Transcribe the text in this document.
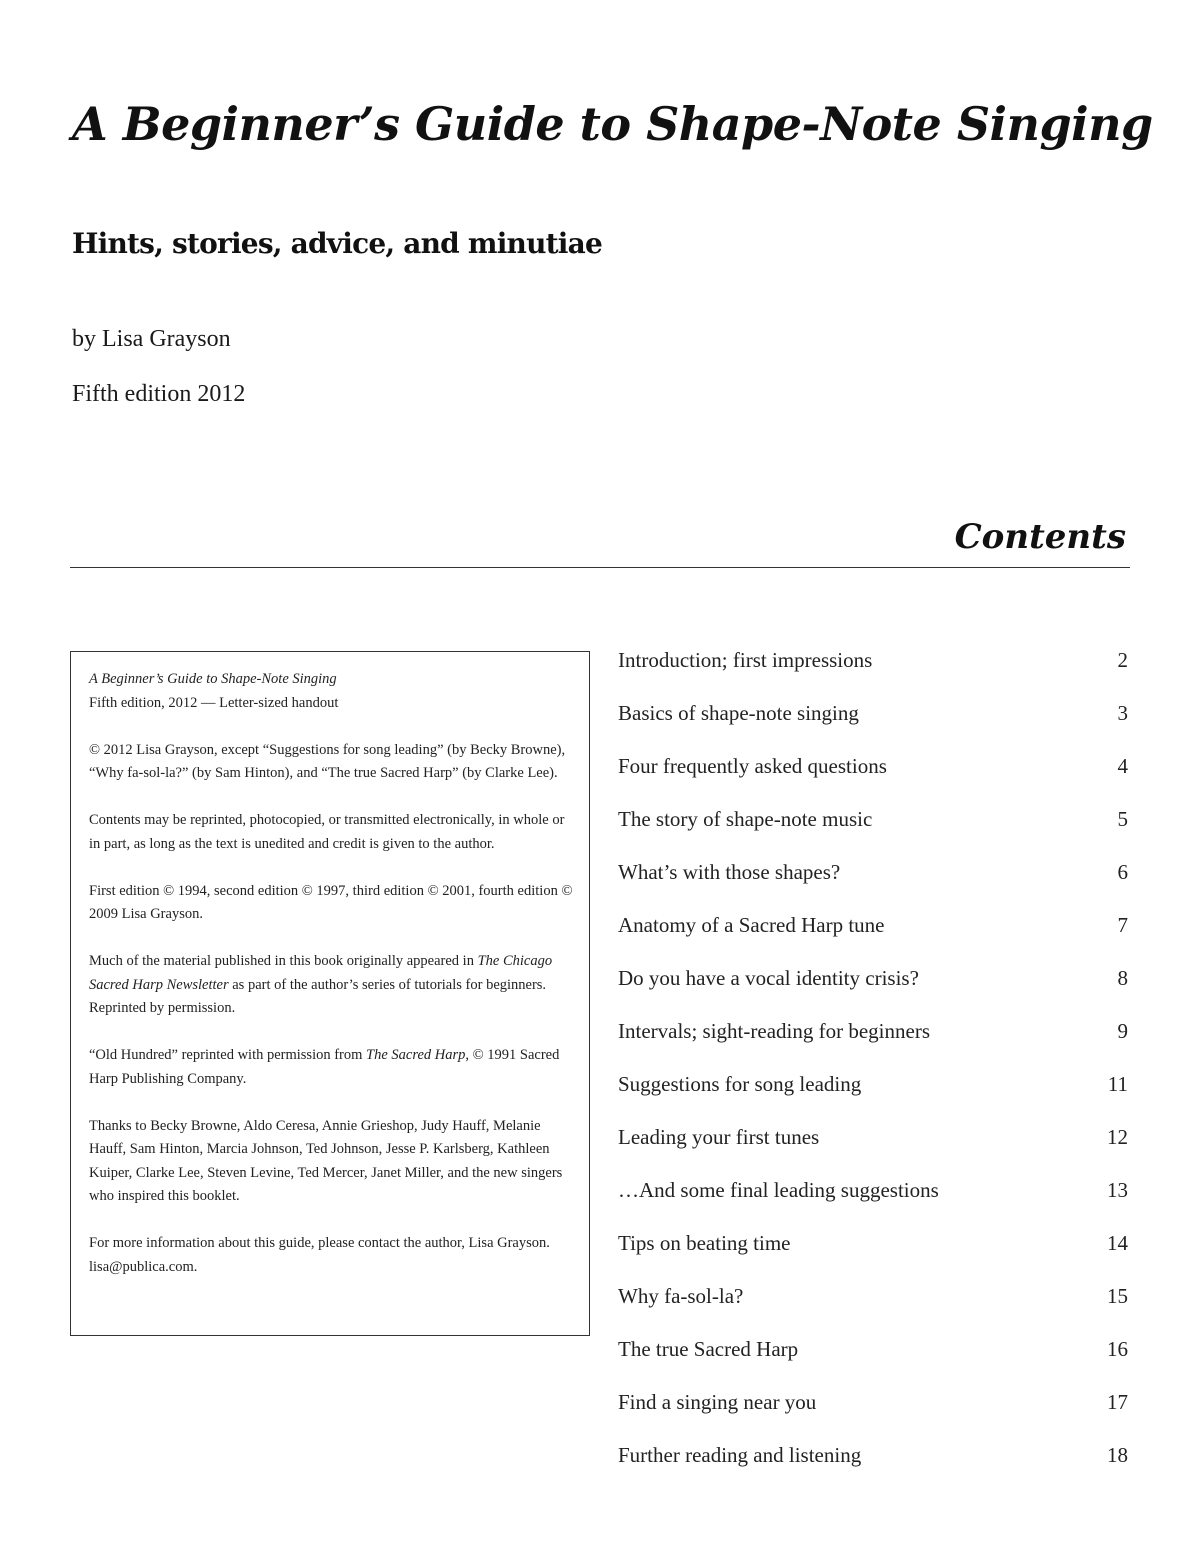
A Beginner’s Guide to Shape-Note Singing
Hints, stories, advice, and minutiae
by Lisa Grayson
Fifth edition 2012
Contents

A Beginner’s Guide to Shape-Note Singing
Fifth edition, 2012 — Letter-sized handout

© 2012 Lisa Grayson, except “Suggestions for song leading” (by Becky Browne), “Why fa-sol-la?” (by Sam Hinton), and “The true Sacred Harp” (by Clarke Lee).

Contents may be reprinted, photocopied, or transmitted electronically, in whole or in part, as long as the text is unedited and credit is given to the author.

First edition © 1994, second edition © 1997, third edition © 2001, fourth edition © 2009 Lisa Grayson.

Much of the material published in this book originally appeared in The Chicago Sacred Harp Newsletter as part of the author’s series of tutorials for beginners. Reprinted by permission.

“Old Hundred” reprinted with permission from The Sacred Harp, © 1991 Sacred Harp Publishing Company.

Thanks to Becky Browne, Aldo Ceresa, Annie Grieshop, Judy Hauff, Melanie Hauff, Sam Hinton, Marcia Johnson, Ted Johnson, Jesse P. Karlsberg, Kathleen Kuiper, Clarke Lee, Steven Levine, Ted Mercer, Janet Miller, and the new singers who inspired this booklet.

For more information about this guide, please contact the author, Lisa Grayson. lisa@publica.com.

Introduction; first impressions	2
Basics of shape-note singing	3
Four frequently asked questions	4
The story of shape-note music	5
What’s with those shapes?	6
Anatomy of a Sacred Harp tune	7
Do you have a vocal identity crisis?	8
Intervals; sight-reading for beginners	9
Suggestions for song leading	11
Leading your first tunes	12
…And some final leading suggestions	13
Tips on beating time	14
Why fa-sol-la?	15
The true Sacred Harp	16
Find a singing near you	17
Further reading and listening	18
